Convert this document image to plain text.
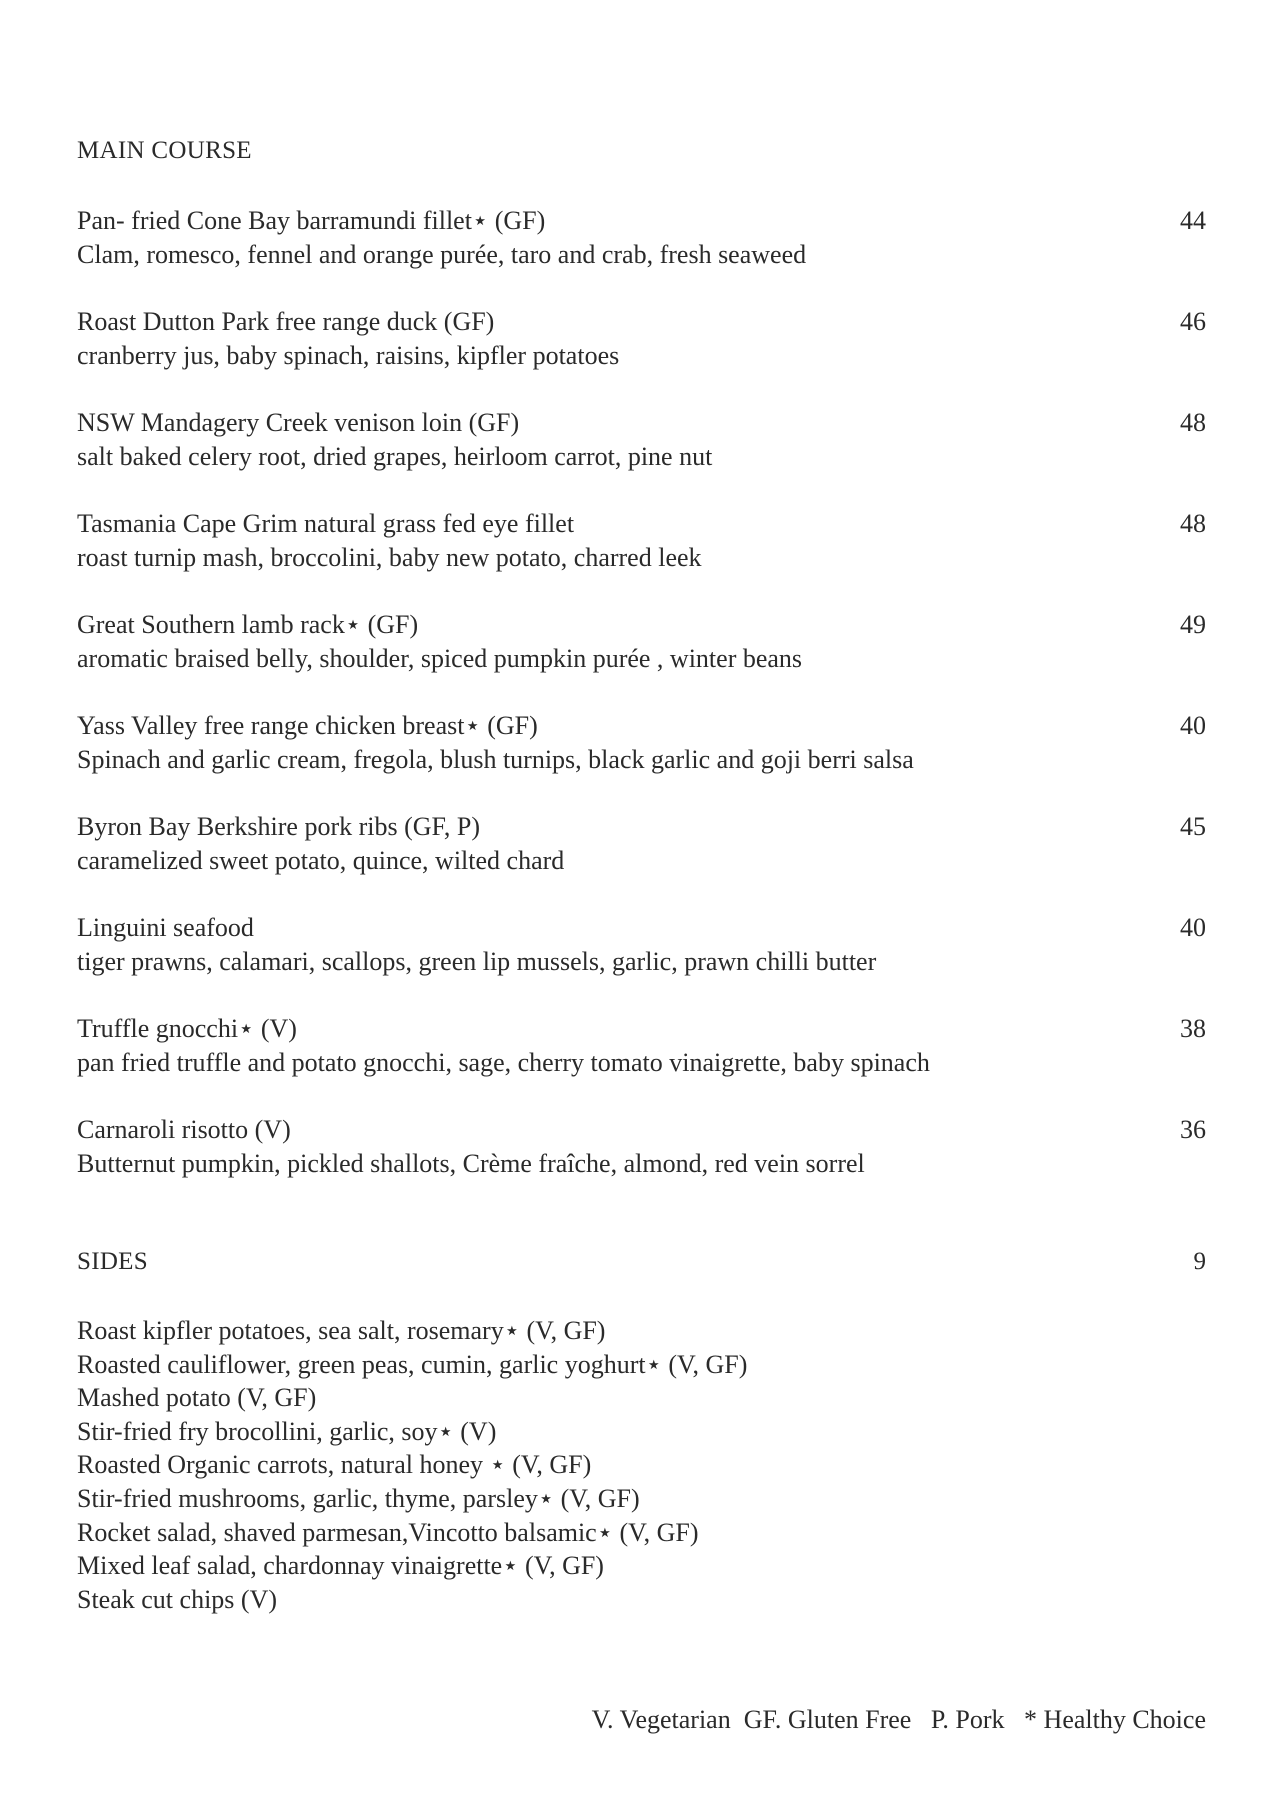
MAIN COURSE
Pan- fried Cone Bay barramundi fillet⋆ (GF)	44
Clam, romesco, fennel and orange purée, taro and crab, fresh seaweed
Roast Dutton Park free range duck (GF)	46
cranberry jus, baby spinach, raisins, kipfler potatoes
NSW Mandagery Creek venison loin (GF)	48
salt baked celery root, dried grapes, heirloom carrot, pine nut
Tasmania Cape Grim natural grass fed eye fillet	48
roast turnip mash, broccolini, baby new potato, charred leek
Great Southern lamb rack⋆ (GF)	49
aromatic braised belly, shoulder, spiced pumpkin purée , winter beans
Yass Valley free range chicken breast⋆ (GF)	40
Spinach and garlic cream, fregola, blush turnips, black garlic and goji berri salsa
Byron Bay Berkshire pork ribs (GF, P)	45
caramelized sweet potato, quince, wilted chard
Linguini seafood	40
tiger prawns, calamari, scallops, green lip mussels, garlic, prawn chilli butter
Truffle gnocchi⋆ (V)	38
pan fried truffle and potato gnocchi, sage, cherry tomato vinaigrette, baby spinach
Carnaroli risotto (V)	36
Butternut pumpkin, pickled shallots, Crème fraîche, almond, red vein sorrel
SIDES	9
Roast kipfler potatoes, sea salt, rosemary⋆ (V, GF)
Roasted cauliflower, green peas, cumin, garlic yoghurt⋆ (V, GF)
Mashed potato (V, GF)
Stir-fried fry brocollini, garlic, soy⋆ (V)
Roasted Organic carrots, natural honey ⋆ (V, GF)
Stir-fried mushrooms, garlic, thyme, parsley⋆ (V, GF)
Rocket salad, shaved parmesan,Vincotto balsamic⋆ (V, GF)
Mixed leaf salad, chardonnay vinaigrette⋆ (V, GF)
Steak cut chips (V)
V. Vegetarian  GF. Gluten Free   P. Pork   * Healthy Choice
